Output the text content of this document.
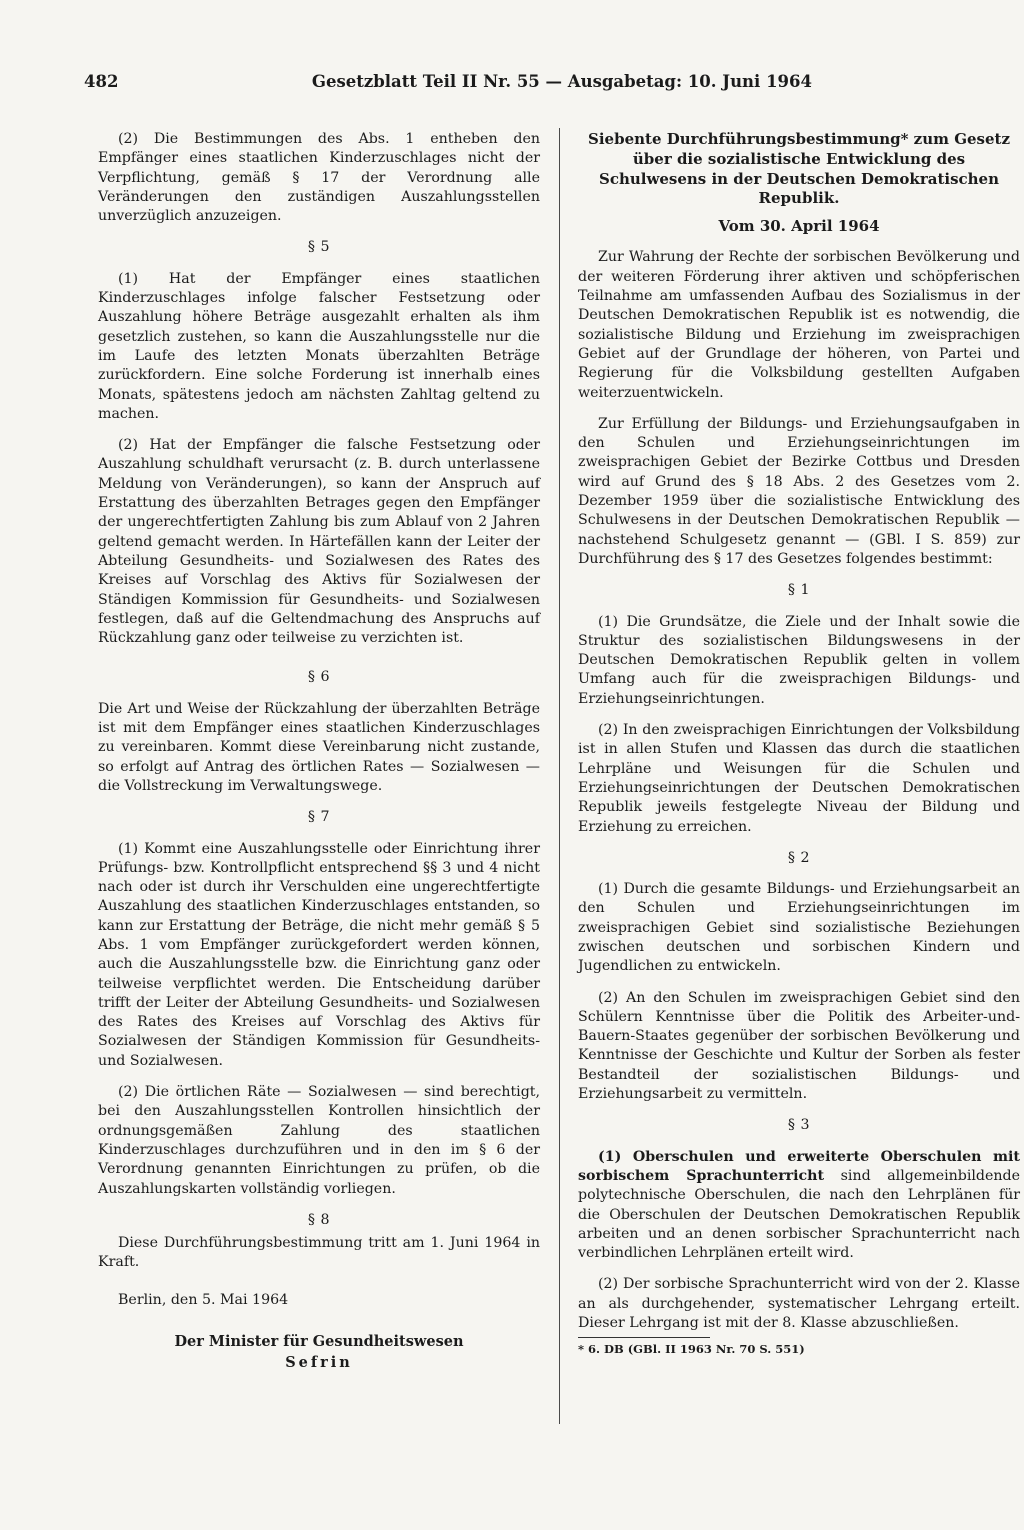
482	Gesetzblatt Teil II Nr. 55 — Ausgabetag: 10. Juni 1964

(2) Die Bestimmungen des Abs. 1 entheben den Empfänger eines staatlichen Kinderzuschlages nicht der Verpflichtung, gemäß § 17 der Verordnung alle Veränderungen den zuständigen Auszahlungsstellen unverzüglich anzuzeigen.

§ 5

(1) Hat der Empfänger eines staatlichen Kinderzuschlages infolge falscher Festsetzung oder Auszahlung höhere Beträge ausgezahlt erhalten als ihm gesetzlich zustehen, so kann die Auszahlungsstelle nur die im Laufe des letzten Monats überzahlten Beträge zurückfordern. Eine solche Forderung ist innerhalb eines Monats, spätestens jedoch am nächsten Zahltag geltend zu machen.

(2) Hat der Empfänger die falsche Festsetzung oder Auszahlung schuldhaft verursacht (z. B. durch unterlassene Meldung von Veränderungen), so kann der Anspruch auf Erstattung des überzahlten Betrages gegen den Empfänger der ungerechtfertigten Zahlung bis zum Ablauf von 2 Jahren geltend gemacht werden. In Härtefällen kann der Leiter der Abteilung Gesundheits- und Sozialwesen des Rates des Kreises auf Vorschlag des Aktivs für Sozialwesen der Ständigen Kommission für Gesundheits- und Sozialwesen festlegen, daß auf die Geltendmachung des Anspruchs auf Rückzahlung ganz oder teilweise zu verzichten ist.

§ 6

Die Art und Weise der Rückzahlung der überzahlten Beträge ist mit dem Empfänger eines staatlichen Kinderzuschlages zu vereinbaren. Kommt diese Vereinbarung nicht zustande, so erfolgt auf Antrag des örtlichen Rates — Sozialwesen — die Vollstreckung im Verwaltungswege.

§ 7

(1) Kommt eine Auszahlungsstelle oder Einrichtung ihrer Prüfungs- bzw. Kontrollpflicht entsprechend §§ 3 und 4 nicht nach oder ist durch ihr Verschulden eine ungerechtfertigte Auszahlung des staatlichen Kinderzuschlages entstanden, so kann zur Erstattung der Beträge, die nicht mehr gemäß § 5 Abs. 1 vom Empfänger zurückgefordert werden können, auch die Auszahlungsstelle bzw. die Einrichtung ganz oder teilweise verpflichtet werden. Die Entscheidung darüber trifft der Leiter der Abteilung Gesundheits- und Sozialwesen des Rates des Kreises auf Vorschlag des Aktivs für Sozialwesen der Ständigen Kommission für Gesundheits- und Sozialwesen.

(2) Die örtlichen Räte — Sozialwesen — sind berechtigt, bei den Auszahlungsstellen Kontrollen hinsichtlich der ordnungsgemäßen Zahlung des staatlichen Kinderzuschlages durchzuführen und in den im § 6 der Verordnung genannten Einrichtungen zu prüfen, ob die Auszahlungskarten vollständig vorliegen.

§ 8

Diese Durchführungsbestimmung tritt am 1. Juni 1964 in Kraft.

Berlin, den 5. Mai 1964

Der Minister für Gesundheitswesen
Sefrin
Siebente Durchführungsbestimmung* zum Gesetz über die sozialistische Entwicklung des Schulwesens in der Deutschen Demokratischen Republik.
Vom 30. April 1964

Zur Wahrung der Rechte der sorbischen Bevölkerung und der weiteren Förderung ihrer aktiven und schöpferischen Teilnahme am umfassenden Aufbau des Sozialismus in der Deutschen Demokratischen Republik ist es notwendig, die sozialistische Bildung und Erziehung im zweisprachigen Gebiet auf der Grundlage der höheren, von Partei und Regierung für die Volksbildung gestellten Aufgaben weiterzuentwickeln.

Zur Erfüllung der Bildungs- und Erziehungsaufgaben in den Schulen und Erziehungseinrichtungen im zweisprachigen Gebiet der Bezirke Cottbus und Dresden wird auf Grund des § 18 Abs. 2 des Gesetzes vom 2. Dezember 1959 über die sozialistische Entwicklung des Schulwesens in der Deutschen Demokratischen Republik — nachstehend Schulgesetz genannt — (GBl. I S. 859) zur Durchführung des § 17 des Gesetzes folgendes bestimmt:

§ 1

(1) Die Grundsätze, die Ziele und der Inhalt sowie die Struktur des sozialistischen Bildungswesens in der Deutschen Demokratischen Republik gelten in vollem Umfang auch für die zweisprachigen Bildungs- und Erziehungseinrichtungen.

(2) In den zweisprachigen Einrichtungen der Volksbildung ist in allen Stufen und Klassen das durch die staatlichen Lehrpläne und Weisungen für die Schulen und Erziehungseinrichtungen der Deutschen Demokratischen Republik jeweils festgelegte Niveau der Bildung und Erziehung zu erreichen.

§ 2

(1) Durch die gesamte Bildungs- und Erziehungsarbeit an den Schulen und Erziehungseinrichtungen im zweisprachigen Gebiet sind sozialistische Beziehungen zwischen deutschen und sorbischen Kindern und Jugendlichen zu entwickeln.

(2) An den Schulen im zweisprachigen Gebiet sind den Schülern Kenntnisse über die Politik des Arbeiter-und-Bauern-Staates gegenüber der sorbischen Bevölkerung und Kenntnisse der Geschichte und Kultur der Sorben als fester Bestandteil der sozialistischen Bildungs- und Erziehungsarbeit zu vermitteln.

§ 3

(1) Oberschulen und erweiterte Oberschulen mit sorbischem Sprachunterricht sind allgemeinbildende polytechnische Oberschulen, die nach den Lehrplänen für die Oberschulen der Deutschen Demokratischen Republik arbeiten und an denen sorbischer Sprachunterricht nach verbindlichen Lehrplänen erteilt wird.

(2) Der sorbische Sprachunterricht wird von der 2. Klasse an als durchgehender, systematischer Lehrgang erteilt. Dieser Lehrgang ist mit der 8. Klasse abzuschließen.

* 6. DB (GBl. II 1963 Nr. 70 S. 551)
